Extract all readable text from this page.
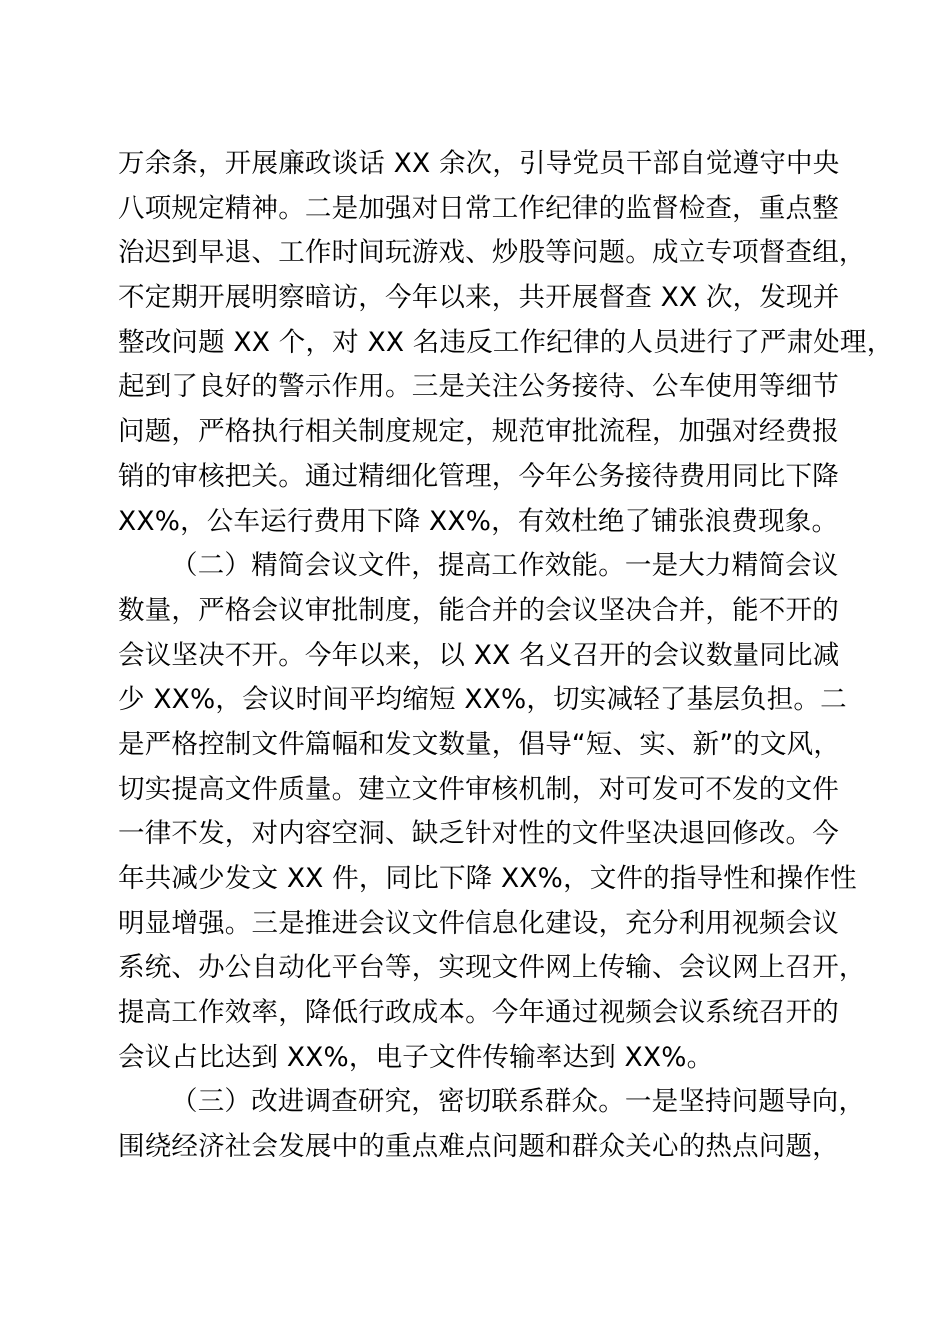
万余条，开展廉政谈话 XX 余次，引导党员干部自觉遵守中央
八项规定精神。二是加强对日常工作纪律的监督检查，重点整
治迟到早退、工作时间玩游戏、炒股等问题。成立专项督查组，
不定期开展明察暗访，今年以来，共开展督查 XX 次，发现并
整改问题 XX 个，对 XX 名违反工作纪律的人员进行了严肃处理，
起到了良好的警示作用。三是关注公务接待、公车使用等细节
问题，严格执行相关制度规定，规范审批流程，加强对经费报
销的审核把关。通过精细化管理，今年公务接待费用同比下降
XX%，公车运行费用下降 XX%，有效杜绝了铺张浪费现象。
（二）精简会议文件，提高工作效能。一是大力精简会议
数量，严格会议审批制度，能合并的会议坚决合并，能不开的
会议坚决不开。今年以来，以 XX 名义召开的会议数量同比减
少 XX%，会议时间平均缩短 XX%，切实减轻了基层负担。二
是严格控制文件篇幅和发文数量，倡导“短、实、新”的文风，
切实提高文件质量。建立文件审核机制，对可发可不发的文件
一律不发，对内容空洞、缺乏针对性的文件坚决退回修改。今
年共减少发文 XX 件，同比下降 XX%，文件的指导性和操作性
明显增强。三是推进会议文件信息化建设，充分利用视频会议
系统、办公自动化平台等，实现文件网上传输、会议网上召开，
提高工作效率，降低行政成本。今年通过视频会议系统召开的
会议占比达到 XX%，电子文件传输率达到 XX%。
（三）改进调查研究，密切联系群众。一是坚持问题导向，
围绕经济社会发展中的重点难点问题和群众关心的热点问题，
